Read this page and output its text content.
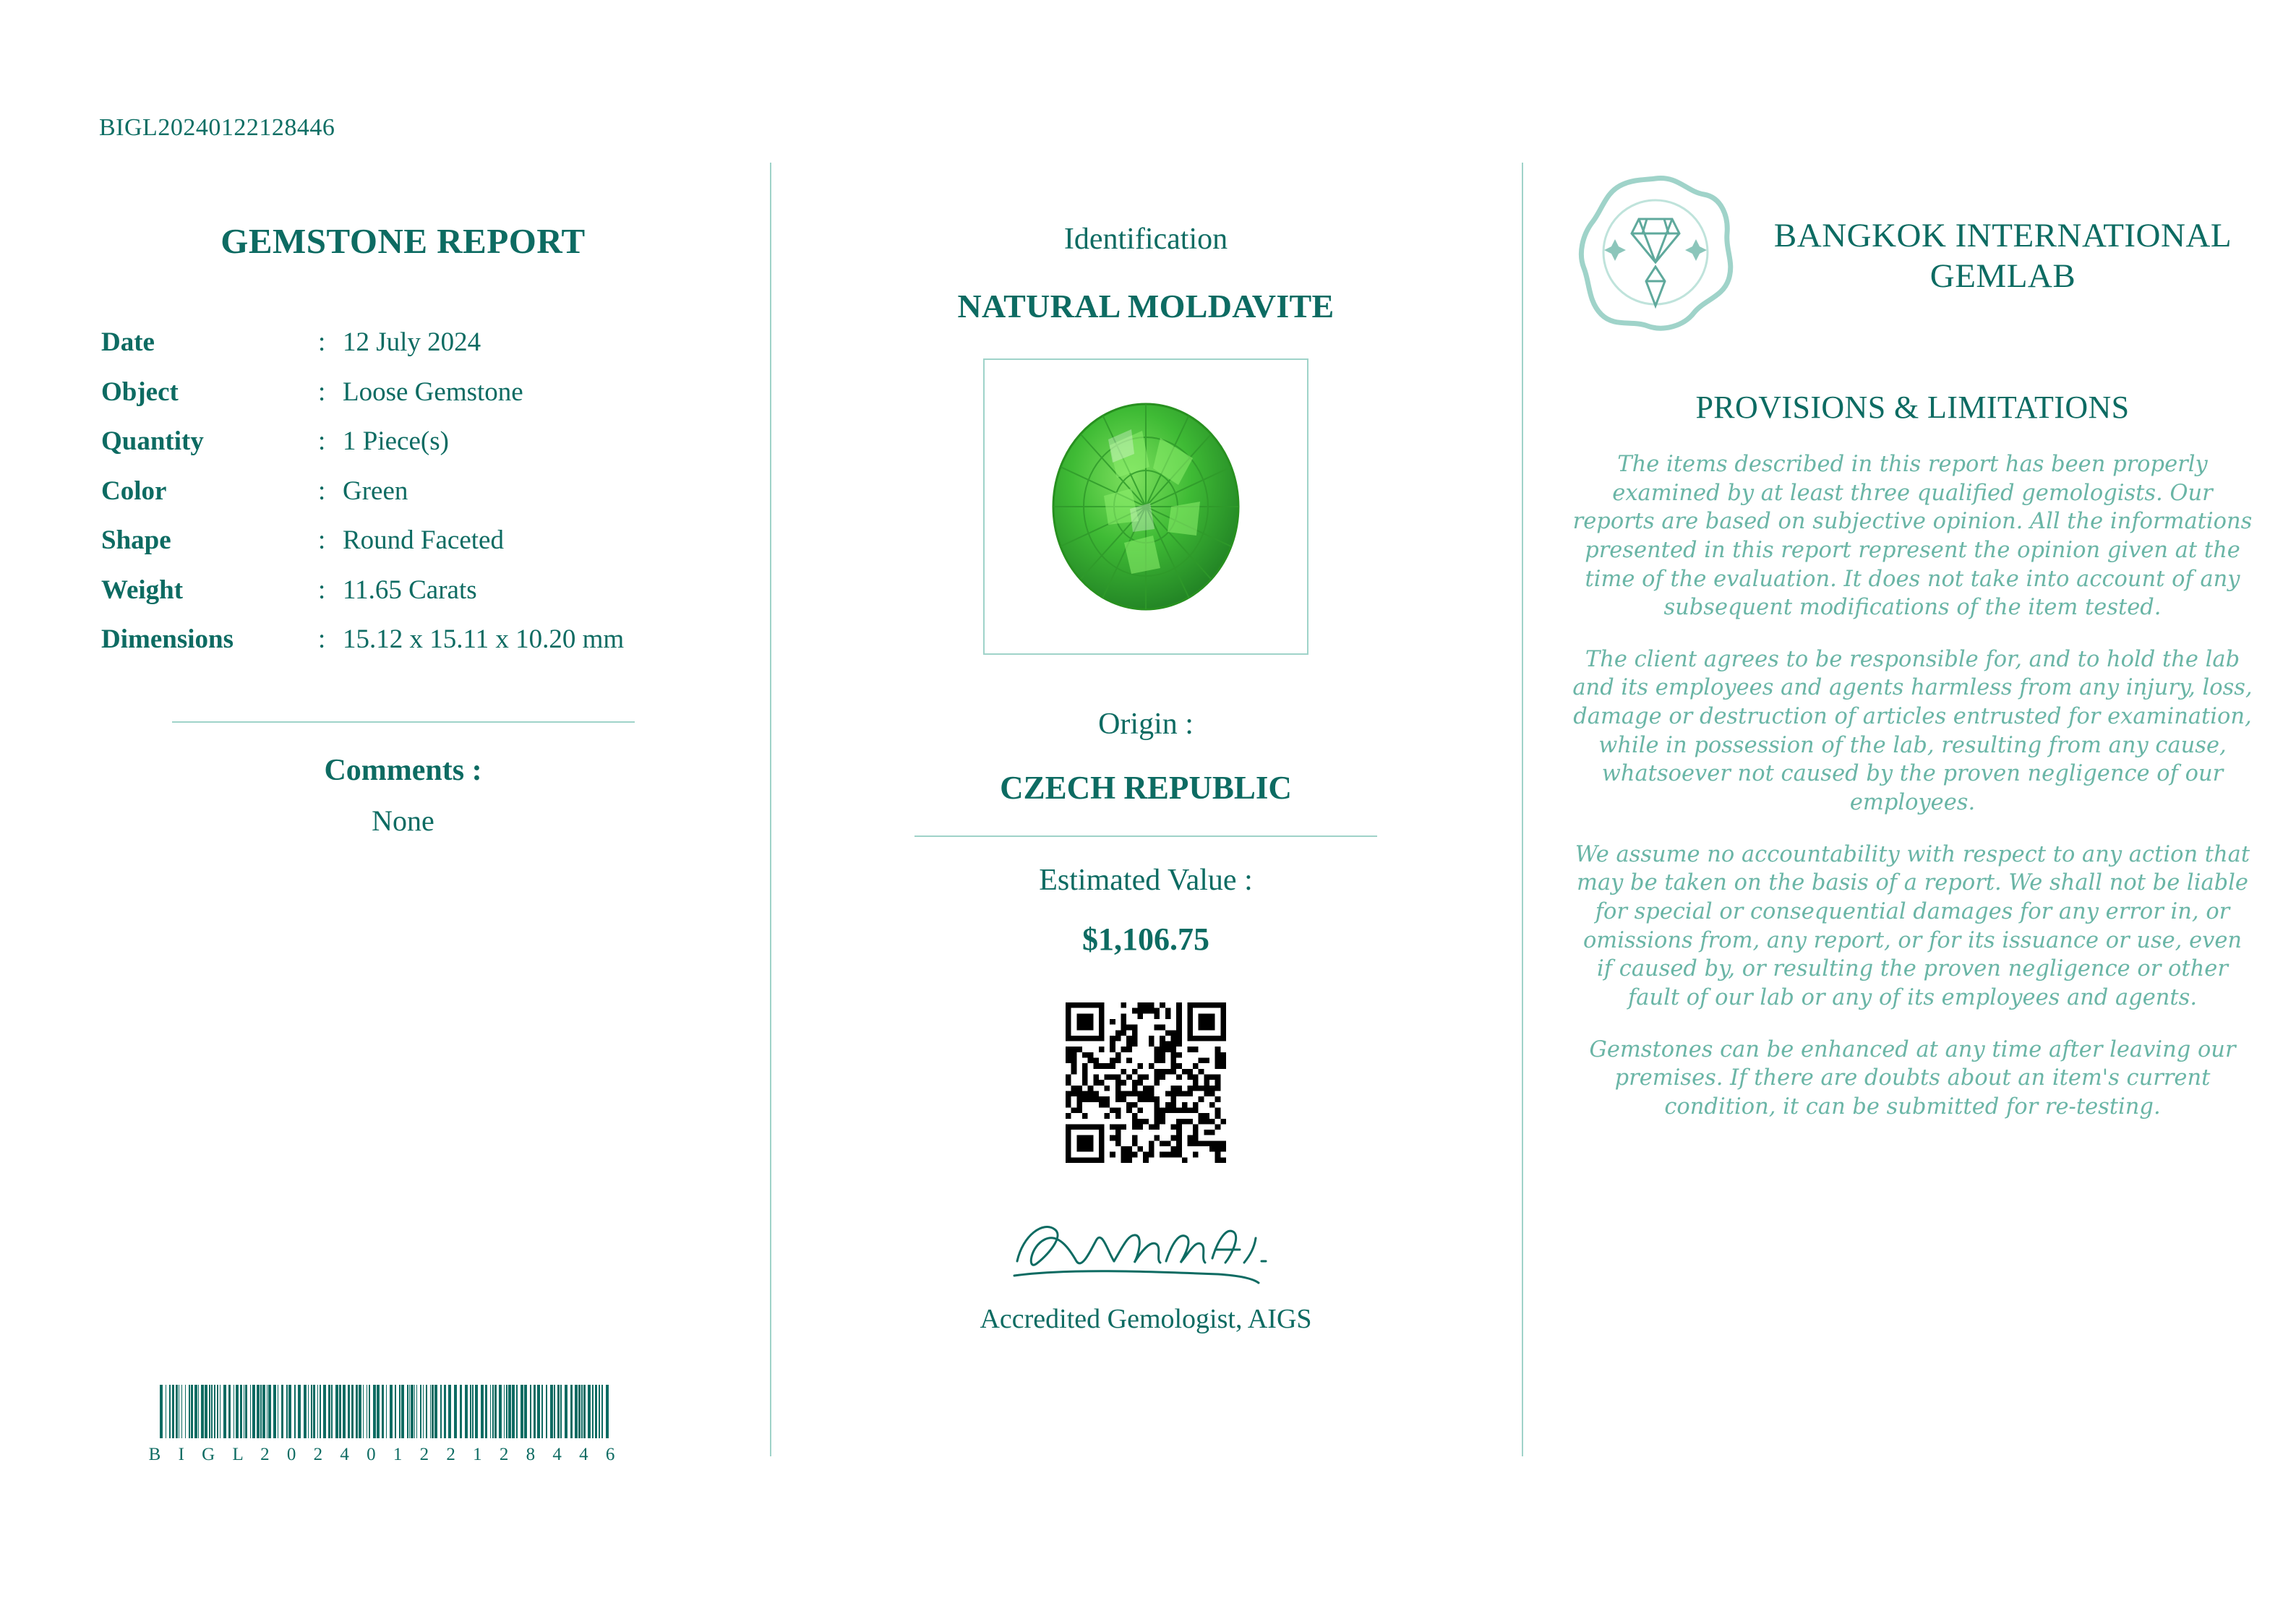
BIGL20240122128446
GEMSTONE REPORT
Date	:	12 July 2024
Object	:	Loose Gemstone
Quantity	:	1 Piece(s)
Color	:	Green
Shape	:	Round Faceted
Weight	:	11.65 Carats
Dimensions	:	15.12 x 15.11 x 10.20 mm
Comments :
None
B I G L 2 0 2 4 0 1 2 2 1 2 8 4 4 6
Identification
NATURAL MOLDAVITE
Origin :
CZECH REPUBLIC
Estimated Value :
$1,106.75
Accredited Gemologist, AIGS
BANGKOK INTERNATIONAL GEMLAB
PROVISIONS & LIMITATIONS

The items described in this report has been properly examined by at least three qualified gemologists. Our reports are based on subjective opinion. All the informations presented in this report represent the opinion given at the time of the evaluation. It does not take into account of any subsequent modifications of the item tested.

The client agrees to be responsible for, and to hold the lab and its employees and agents harmless from any injury, loss, damage or destruction of articles entrusted for examination, while in possession of the lab, resulting from any cause, whatsoever not caused by the proven negligence of our employees.

We assume no accountability with respect to any action that may be taken on the basis of a report. We shall not be liable for special or consequential damages for any error in, or omissions from, any report, or for its issuance or use, even if caused by, or resulting the proven negligence or other fault of our lab or any of its employees and agents.

Gemstones can be enhanced at any time after leaving our premises. If there are doubts about an item's current condition, it can be submitted for re-testing.
